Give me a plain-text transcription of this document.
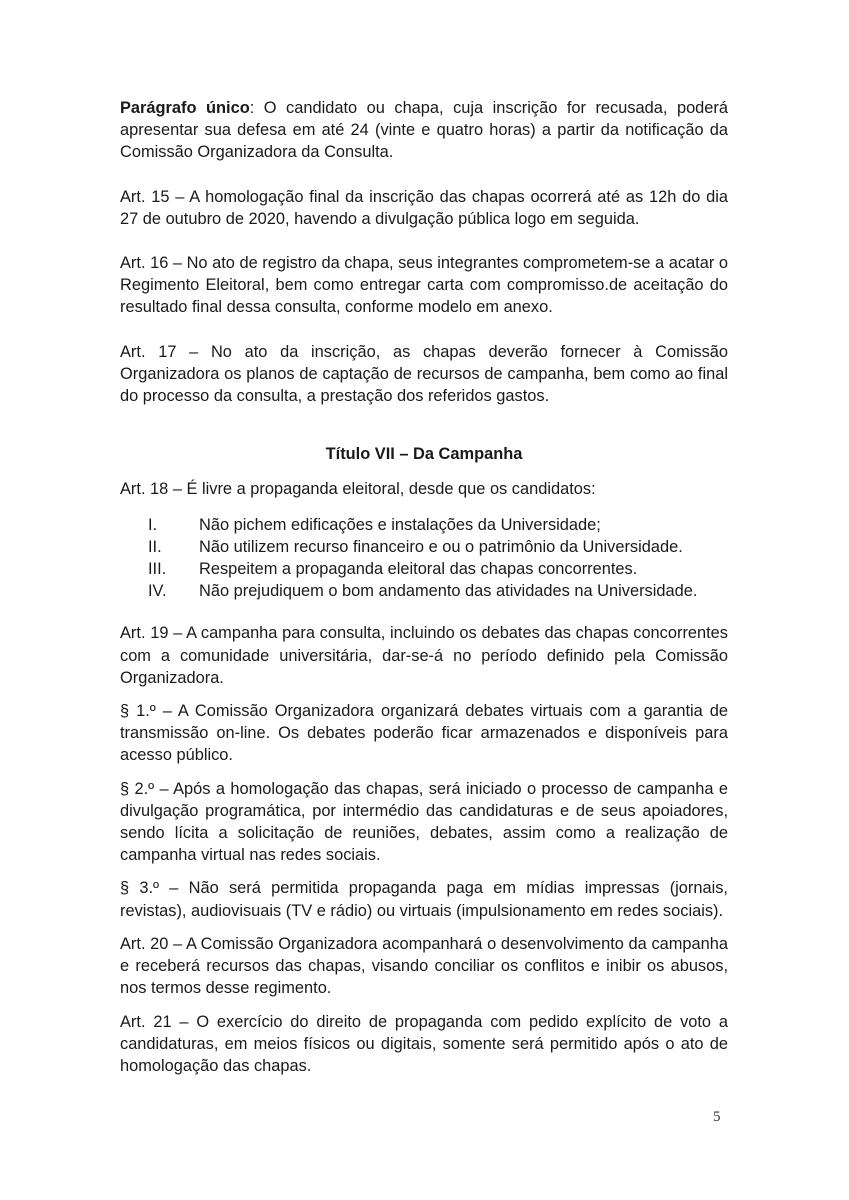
Parágrafo único: O candidato ou chapa, cuja inscrição for recusada, poderá apresentar sua defesa em até 24 (vinte e quatro horas) a partir da notificação da Comissão Organizadora da Consulta.

Art. 15 – A homologação final da inscrição das chapas ocorrerá até as 12h do dia 27 de outubro de 2020, havendo a divulgação pública logo em seguida.

Art. 16 – No ato de registro da chapa, seus integrantes comprometem-se a acatar o Regimento Eleitoral, bem como entregar carta com compromisso.de aceitação do resultado final dessa consulta, conforme modelo em anexo.

Art. 17 – No ato da inscrição, as chapas deverão fornecer à Comissão Organizadora os planos de captação de recursos de campanha, bem como ao final do processo da consulta, a prestação dos referidos gastos.

Título VII – Da Campanha

Art. 18 – É livre a propaganda eleitoral, desde que os candidatos:

I.	Não pichem edificações e instalações da Universidade;
II.	Não utilizem recurso financeiro e ou o patrimônio da Universidade.
III.	Respeitem a propaganda eleitoral das chapas concorrentes.
IV.	Não prejudiquem o bom andamento das atividades na Universidade.

Art. 19 – A campanha para consulta, incluindo os debates das chapas concorrentes com a comunidade universitária, dar-se-á no período definido pela Comissão Organizadora.

§ 1.º – A Comissão Organizadora organizará debates virtuais com a garantia de transmissão on-line. Os debates poderão ficar armazenados e disponíveis para acesso público.

§ 2.º – Após a homologação das chapas, será iniciado o processo de campanha e divulgação programática, por intermédio das candidaturas e de seus apoiadores, sendo lícita a solicitação de reuniões, debates, assim como a realização de campanha virtual nas redes sociais.

§ 3.º – Não será permitida propaganda paga em mídias impressas (jornais, revistas), audiovisuais (TV e rádio) ou virtuais (impulsionamento em redes sociais).

Art. 20 – A Comissão Organizadora acompanhará o desenvolvimento da campanha e receberá recursos das chapas, visando conciliar os conflitos e inibir os abusos, nos termos desse regimento.

Art. 21 – O exercício do direito de propaganda com pedido explícito de voto a candidaturas, em meios físicos ou digitais, somente será permitido após o ato de homologação das chapas.

5
